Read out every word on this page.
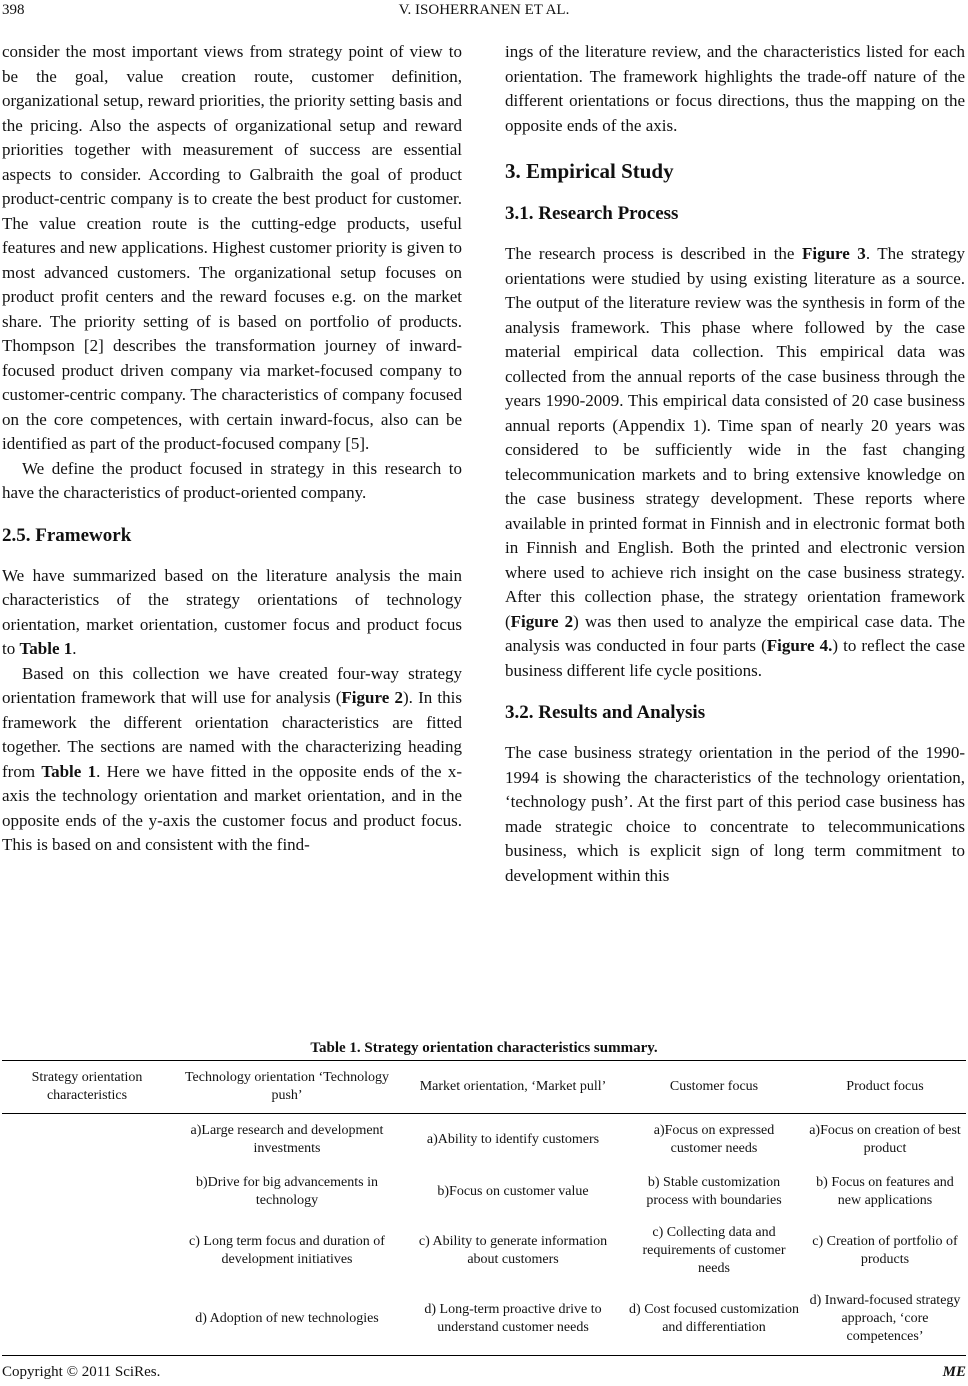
398	V. ISOHERRANEN ET AL.

consider the most important views from strategy point of view to be the goal, value creation route, customer definition, organizational setup, reward priorities, the priority setting basis and the pricing. Also the aspects of organizational setup and reward priorities together with measurement of success are essential aspects to consider. According to Galbraith the goal of product product-centric company is to create the best product for customer. The value creation route is the cutting-edge products, useful features and new applications. Highest customer priority is given to most advanced customers. The organizational setup focuses on product profit centers and the reward focuses e.g. on the market share. The priority setting of is based on portfolio of products. Thompson [2] describes the transformation journey of inward-focused product driven company via market-focused company to customer-centric company. The characteristics of company focused on the core competences, with certain inward-focus, also can be identified as part of the product-focused company [5].

We define the product focused in strategy in this research to have the characteristics of product-oriented company.

2.5. Framework

We have summarized based on the literature analysis the main characteristics of the strategy orientations of technology orientation, market orientation, customer focus and product focus to Table 1.

Based on this collection we have created four-way strategy orientation framework that will use for analysis (Figure 2). In this framework the different orientation characteristics are fitted together. The sections are named with the characterizing heading from Table 1. Here we have fitted in the opposite ends of the x-axis the technology orientation and market orientation, and in the opposite ends of the y-axis the customer focus and product focus. This is based on and consistent with the find-

ings of the literature review, and the characteristics listed for each orientation. The framework highlights the trade-off nature of the different orientations or focus directions, thus the mapping on the opposite ends of the axis.

3. Empirical Study
3.1. Research Process

The research process is described in the Figure 3. The strategy orientations were studied by using existing literature as a source. The output of the literature review was the synthesis in form of the analysis framework. This phase where followed by the case material empirical data collection. This empirical data was collected from the annual reports of the case business through the years 1990-2009. This empirical data consisted of 20 case business annual reports (Appendix 1). Time span of nearly 20 years was considered to be sufficiently wide in the fast changing telecommunication markets and to bring extensive knowledge on the case business strategy development. These reports where available in printed format in Finnish and in electronic format both in Finnish and English. Both the printed and electronic version where used to achieve rich insight on the case business strategy. After this collection phase, the strategy orientation framework (Figure 2) was then used to analyze the empirical case data. The analysis was conducted in four parts (Figure 4.) to reflect the case business different life cycle positions.

3.2. Results and Analysis

The case business strategy orientation in the period of the 1990-1994 is showing the characteristics of the technology orientation, ‘technology push’. At the first part of this period case business has made strategic choice to concentrate to telecommunications business, which is explicit sign of long term commitment to development within this

Table 1. Strategy orientation characteristics summary.
Strategy orientation characteristics	Technology orientation ‘Technology push’	Market orientation, ‘Market pull’	Customer focus	Product focus
	a)Large research and development investments	a)Ability to identify customers	a)Focus on expressed customer needs	a)Focus on creation of best product
	b)Drive for big advancements in technology	b)Focus on customer value	b) Stable customization process with boundaries	b) Focus on features and new applications
	c) Long term focus and duration of development initiatives	c) Ability to generate information about customers	c) Collecting data and requirements of customer needs	c) Creation of portfolio of products
	d) Adoption of new technologies	d) Long-term proactive drive to understand customer needs	d) Cost focused customization and differentiation	d) Inward-focused strategy approach, ‘core competences’
Copyright © 2011 SciRes.	ME
